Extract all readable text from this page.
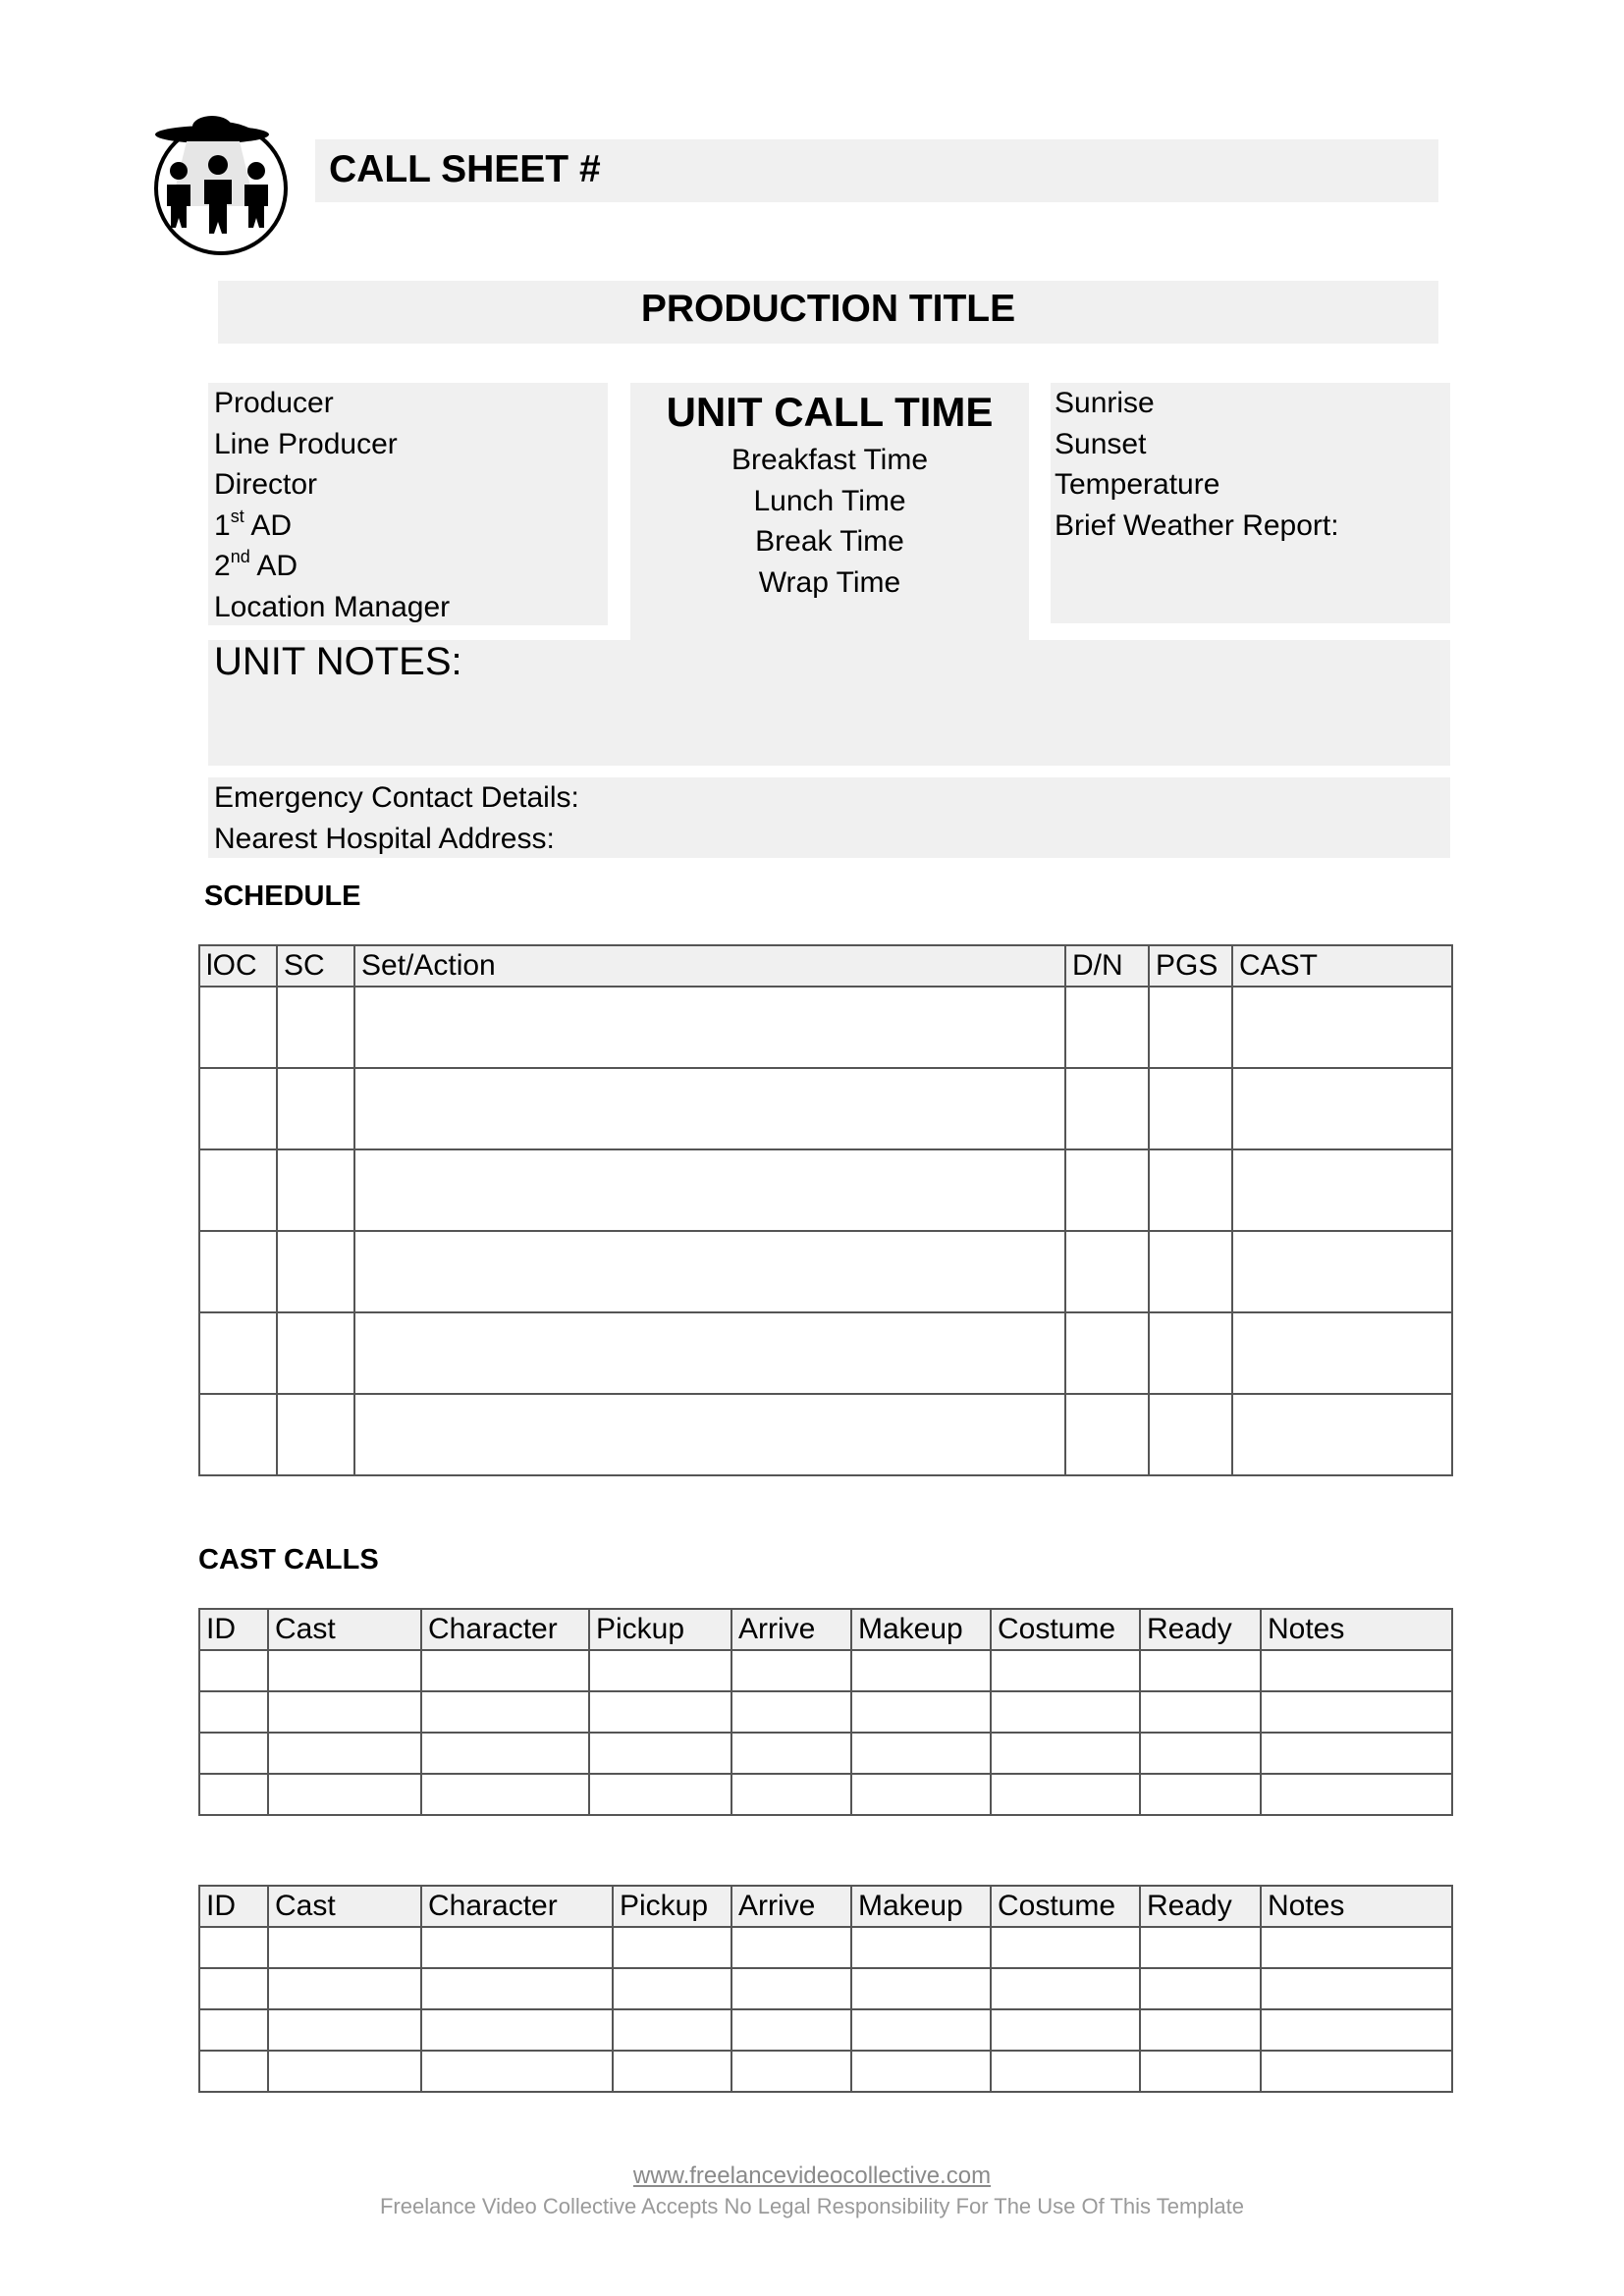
CALL SHEET #
PRODUCTION TITLE
Producer
Line Producer
Director
1st AD
2nd AD
Location Manager
UNIT CALL TIME
Breakfast Time
Lunch Time
Break Time
Wrap Time
Sunrise
Sunset
Temperature
Brief Weather Report:
UNIT NOTES:
Emergency Contact Details:
Nearest Hospital Address:
SCHEDULE
lOC	SC	Set/Action	D/N	PGS	CAST

CAST CALLS
ID	Cast	Character	Pickup	Arrive	Makeup	Costume	Ready	Notes

ID	Cast	Character	Pickup	Arrive	Makeup	Costume	Ready	Notes

www.freelancevideocollective.com
Freelance Video Collective Accepts No Legal Responsibility For The Use Of This Template
